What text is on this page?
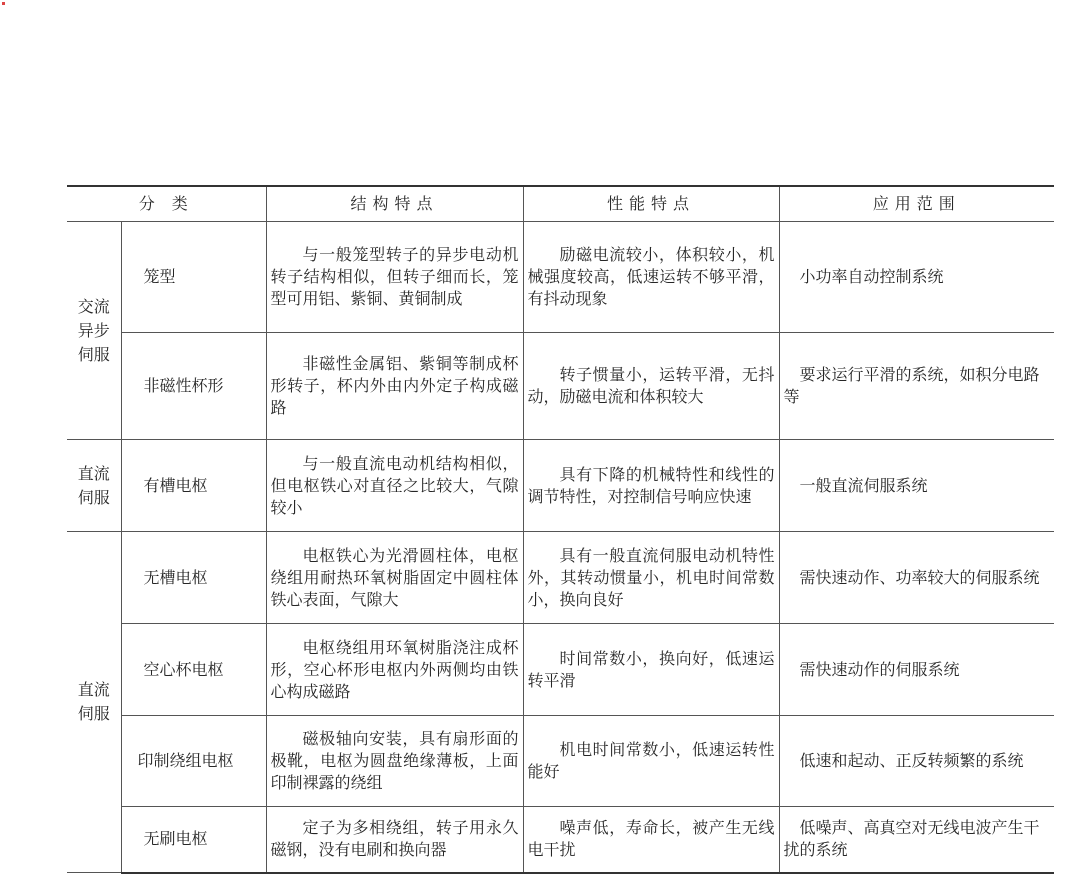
分 类		结构特点	性能特点	应用范围
交流异步伺服	笼型	与一般笼型转子的异步电动机转子结构相似，但转子细而长，笼型可用铝、紫铜、黄铜制成	励磁电流较小，体积较小，机械强度较高，低速运转不够平滑，有抖动现象	小功率自动控制系统
	非磁性杯形	非磁性金属铝、紫铜等制成杯形转子，杯内外由内外定子构成磁路	转子惯量小，运转平滑，无抖动，励磁电流和体积较大	要求运行平滑的系统，如积分电路等
直流伺服	有槽电枢	与一般直流电动机结构相似，但电枢铁心对直径之比较大，气隙较小	具有下降的机械特性和线性的调节特性，对控制信号响应快速	一般直流伺服系统
直流伺服	无槽电枢	电枢铁心为光滑圆柱体，电枢绕组用耐热环氧树脂固定中圆柱体铁心表面，气隙大	具有一般直流伺服电动机特性外，其转动惯量小，机电时间常数小，换向良好	需快速动作、功率较大的伺服系统
	空心杯电枢	电枢绕组用环氧树脂浇注成杯形，空心杯形电枢内外两侧均由铁心构成磁路	时间常数小，换向好，低速运转平滑	需快速动作的伺服系统
	印制绕组电枢	磁极轴向安装，具有扇形面的极靴，电枢为圆盘绝缘薄板，上面印制裸露的绕组	机电时间常数小，低速运转性能好	低速和起动、正反转频繁的系统
	无刷电枢	定子为多相绕组，转子用永久磁钢，没有电刷和换向器	噪声低，寿命长，被产生无线电干扰	低噪声、高真空对无线电波产生干扰的系统
